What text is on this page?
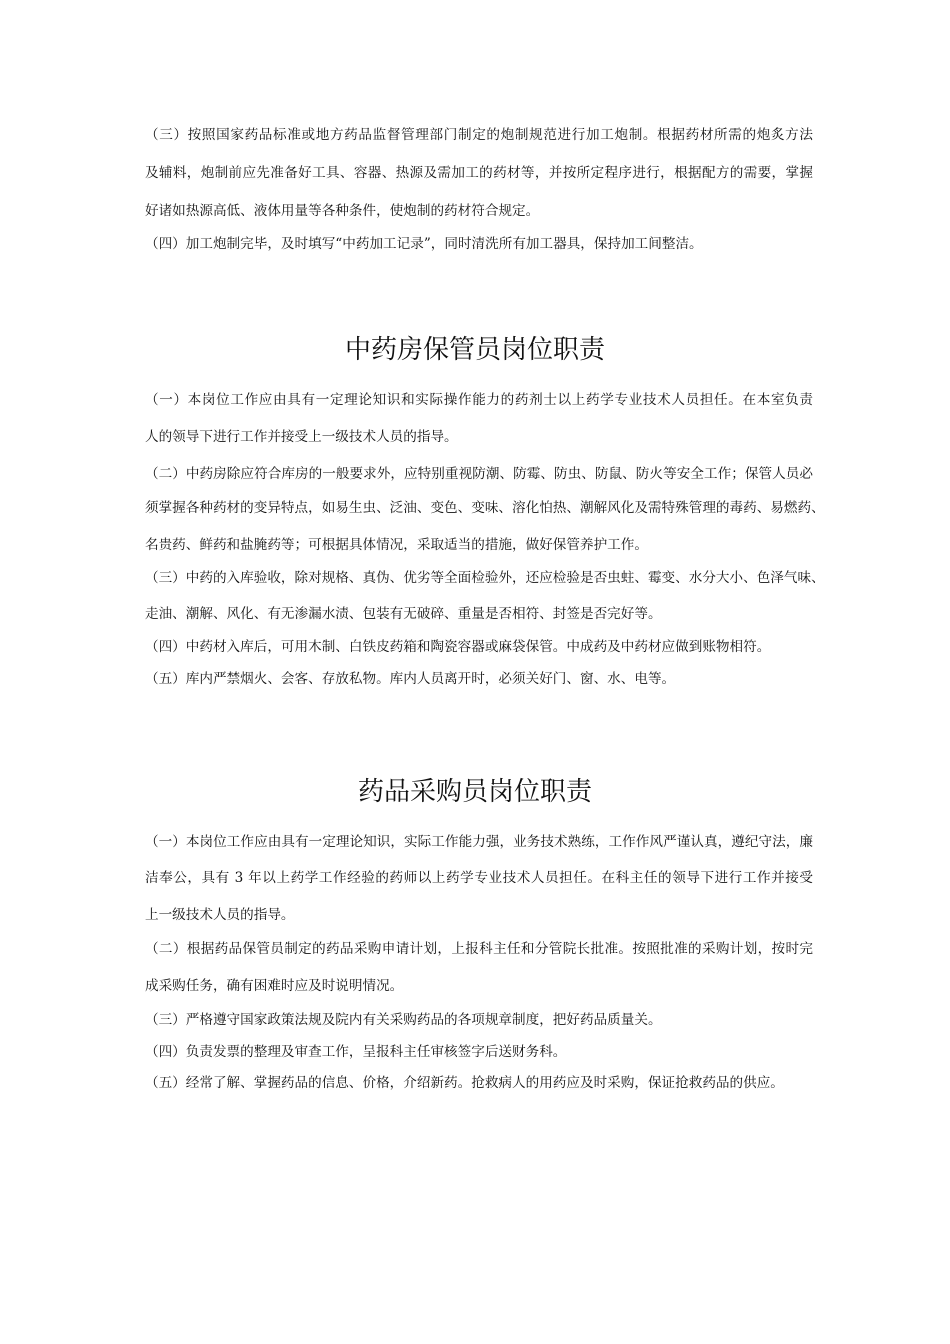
（三）按照国家药品标准或地方药品监督管理部门制定的炮制规范进行加工炮制。根据药材所需的炮炙方法
及辅料，炮制前应先准备好工具、容器、热源及需加工的药材等，并按所定程序进行，根据配方的需要，掌握
好诸如热源高低、液体用量等各种条件，使炮制的药材符合规定。
（四）加工炮制完毕，及时填写“中药加工记录”，同时清洗所有加工器具，保持加工间整洁。
中药房保管员岗位职责
（一）本岗位工作应由具有一定理论知识和实际操作能力的药剂士以上药学专业技术人员担任。在本室负责
人的领导下进行工作并接受上一级技术人员的指导。
（二）中药房除应符合库房的一般要求外，应特别重视防潮、防霉、防虫、防鼠、防火等安全工作；保管人员必
须掌握各种药材的变异特点，如易生虫、泛油、变色、变味、溶化怕热、潮解风化及需特殊管理的毒药、易燃药、
名贵药、鲜药和盐腌药等；可根据具体情况，采取适当的措施，做好保管养护工作。
（三）中药的入库验收，除对规格、真伪、优劣等全面检验外，还应检验是否虫蛀、霉变、水分大小、色泽气味、
走油、潮解、风化、有无渗漏水渍、包装有无破碎、重量是否相符、封签是否完好等。
（四）中药材入库后，可用木制、白铁皮药箱和陶瓷容器或麻袋保管。中成药及中药材应做到账物相符。
（五）库内严禁烟火、会客、存放私物。库内人员离开时，必须关好门、窗、水、电等。
药品采购员岗位职责
（一）本岗位工作应由具有一定理论知识，实际工作能力强，业务技术熟练，工作作风严谨认真，遵纪守法，廉
洁奉公，具有 3 年以上药学工作经验的药师以上药学专业技术人员担任。在科主任的领导下进行工作并接受
上一级技术人员的指导。
（二）根据药品保管员制定的药品采购申请计划，上报科主任和分管院长批准。按照批准的采购计划，按时完
成采购任务，确有困难时应及时说明情况。
（三）严格遵守国家政策法规及院内有关采购药品的各项规章制度，把好药品质量关。
（四）负责发票的整理及审查工作，呈报科主任审核签字后送财务科。
（五）经常了解、掌握药品的信息、价格，介绍新药。抢救病人的用药应及时采购，保证抢救药品的供应。
